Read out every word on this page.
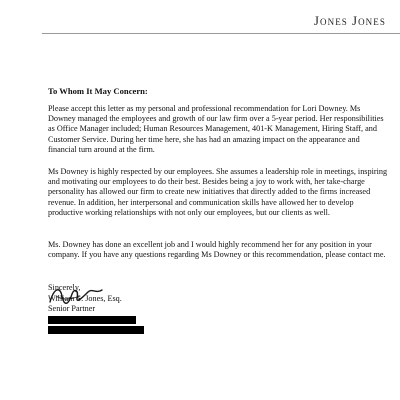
Jones Jones
To Whom It May Concern:

Please accept this letter as my personal and professional recommendation for Lori Downey. Ms Downey managed the employees and growth of our law firm over a 5-year period. Her responsibilities as Office Manager included; Human Resources Management, 401-K Management, Hiring Staff, and Customer Service. During her time here, she has had an amazing impact on the appearance and financial turn around at the firm.

Ms Downey is highly respected by our employees. She assumes a leadership role in meetings, inspiring and motivating our employees to do their best. Besides being a joy to work with, her take-charge personality has allowed our firm to create new initiatives that directly added to the firms increased revenue. In addition, her interpersonal and communication skills have allowed her to develop productive working relationships with not only our employees, but our clients as well.

Ms. Downey has done an excellent job and I would highly recommend her for any position in your company. If you have any questions regarding Ms Downey or this recommendation, please contact me.

Sincerely,
William S. Jones, Esq.
Senior Partner
